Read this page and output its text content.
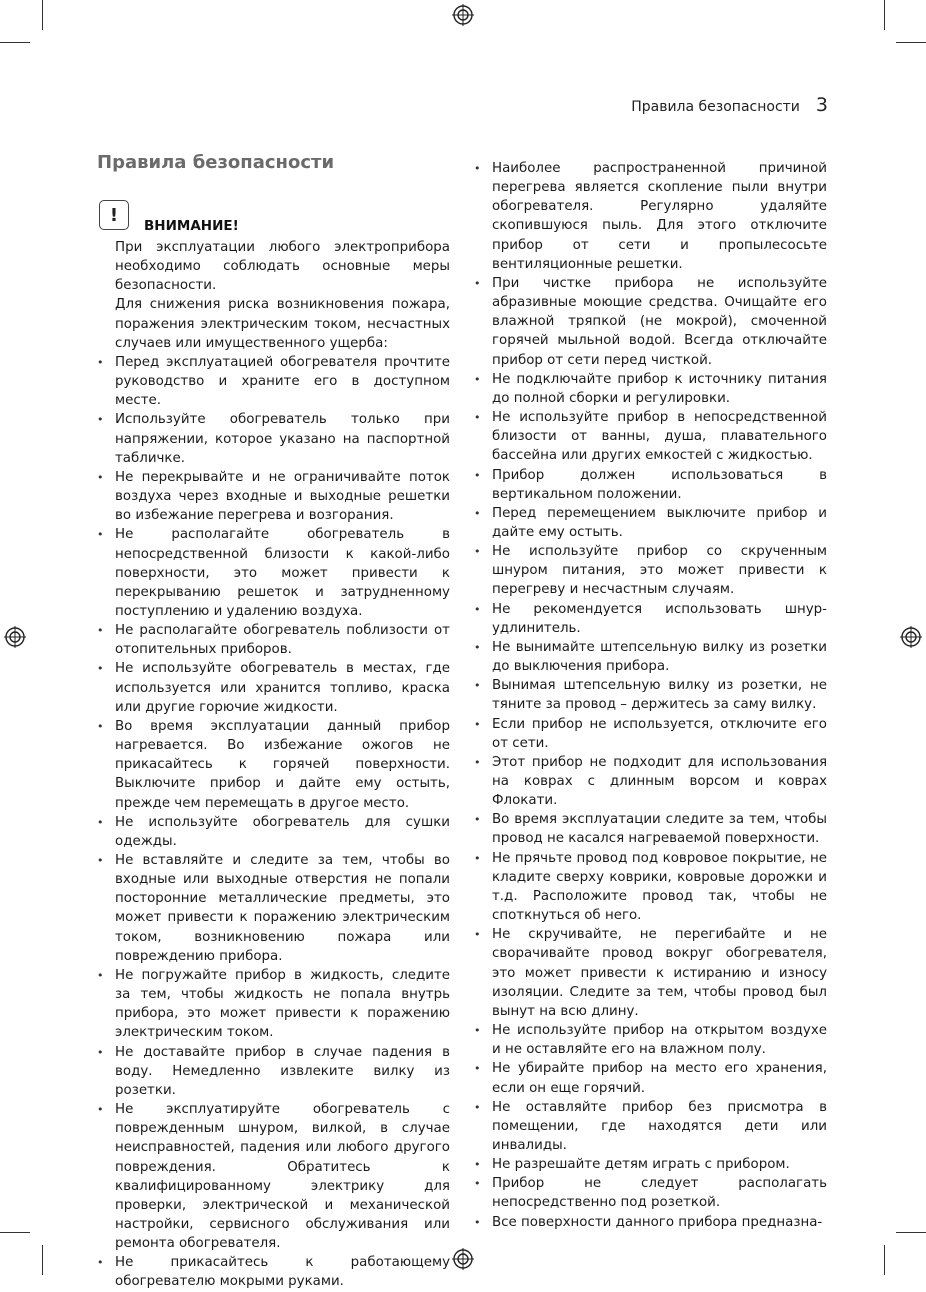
Правила безопасности 3
Правила безопасности
!
ВНИМАНИЕ!

При эксплуатации любого электроприбора необходимо соблюдать основные меры безопасности.

Для снижения риска возникновения пожара, поражения электрическим током, несчастных случаев или имущественного ущерба:

• Перед эксплуатацией обогревателя прочтите руководство и храните его в доступном месте.
• Используйте обогреватель только при напряжении, которое указано на паспортной табличке.
• Не перекрывайте и не ограничивайте поток воздуха через входные и выходные решетки во избежание перегрева и возгорания.
• Не располагайте обогреватель в непосредственной близости к какой-либо поверхности, это может привести к перекрыванию решеток и затрудненному поступлению и удалению воздуха.
• Не располагайте обогреватель поблизости от отопительных приборов.
• Не используйте обогреватель в местах, где используется или хранится топливо, краска или другие горючие жидкости.
• Во время эксплуатации данный прибор нагревается. Во избежание ожогов не прикасайтесь к горячей поверхности. Выключите прибор и дайте ему остыть, прежде чем перемещать в другое место.
• Не используйте обогреватель для сушки одежды.
• Не вставляйте и следите за тем, чтобы во входные или выходные отверстия не попали посторонние металлические предметы, это может привести к поражению электрическим током, возникновению пожара или повреждению прибора.
• Не погружайте прибор в жидкость, следите за тем, чтобы жидкость не попала внутрь прибора, это может привести к поражению электрическим током.
• Не доставайте прибор в случае падения в воду. Немедленно извлеките вилку из розетки.
• Не эксплуатируйте обогреватель с поврежденным шнуром, вилкой, в случае неисправностей, падения или любого другого повреждения. Обратитесь к квалифицированному электрику для проверки, электрической и механической настройки, сервисного обслуживания или ремонта обогревателя.
• Не прикасайтесь к работающему обогревателю мокрыми руками.
• Наиболее распространенной причиной перегрева является скопление пыли внутри обогревателя. Регулярно удаляйте скопившуюся пыль. Для этого отключите прибор от сети и пропылесосьте вентиляционные решетки.
• При чистке прибора не используйте абразивные моющие средства. Очищайте его влажной тряпкой (не мокрой), смоченной горячей мыльной водой. Всегда отключайте прибор от сети перед чисткой.
• Не подключайте прибор к источнику питания до полной сборки и регулировки.
• Не используйте прибор в непосредственной близости от ванны, душа, плавательного бассейна или других емкостей с жидкостью.
• Прибор должен использоваться в вертикальном положении.
• Перед перемещением выключите прибор и дайте ему остыть.
• Не используйте прибор со скрученным шнуром питания, это может привести к перегреву и несчастным случаям.
• Не рекомендуется использовать шнур-удлинитель.
• Не вынимайте штепсельную вилку из розетки до выключения прибора.
• Вынимая штепсельную вилку из розетки, не тяните за провод – держитесь за саму вилку.
• Если прибор не используется, отключите его от сети.
• Этот прибор не подходит для использования на коврах с длинным ворсом и коврах Флокати.
• Во время эксплуатации следите за тем, чтобы провод не касался нагреваемой поверхности.
• Не прячьте провод под ковровое покрытие, не кладите сверху коврики, ковровые дорожки и т.д. Расположите провод так, чтобы не споткнуться об него.
• Не скручивайте, не перегибайте и не сворачивайте провод вокруг обогревателя, это может привести к истиранию и износу изоляции. Следите за тем, чтобы провод был вынут на всю длину.
• Не используйте прибор на открытом воздухе и не оставляйте его на влажном полу.
• Не убирайте прибор на место его хранения, если он еще горячий.
• Не оставляйте прибор без присмотра в помещении, где находятся дети или инвалиды.
• Не разрешайте детям играть с прибором.
• Прибор не следует располагать непосредственно под розеткой.
• Все поверхности данного прибора предназна-
